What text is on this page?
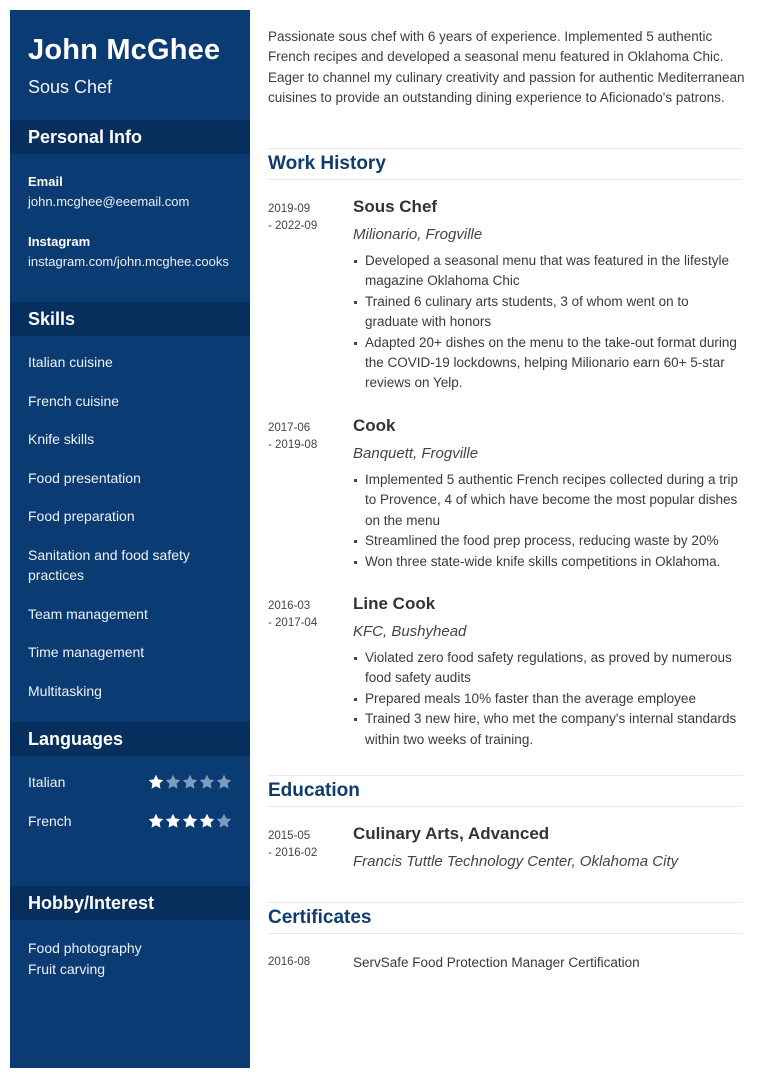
John McGhee
Sous Chef
Personal Info
Email
john.mcghee@eeemail.com
Instagram
instagram.com/john.mcghee.cooks
Skills
Italian cuisine
French cuisine
Knife skills
Food presentation
Food preparation
Sanitation and food safety practices
Team management
Time management
Multitasking
Languages
Italian
French
Hobby/Interest
Food photography
Fruit carving

Passionate sous chef with 6 years of experience. Implemented 5 authentic French recipes and developed a seasonal menu featured in Oklahoma Chic. Eager to channel my culinary creativity and passion for authentic Mediterranean cuisines to provide an outstanding dining experience to Aficionado's patrons.

Work History
2019-09
- 2022-09
Sous Chef
Milionario, Frogville
Developed a seasonal menu that was featured in the lifestyle magazine Oklahoma Chic
Trained 6 culinary arts students, 3 of whom went on to graduate with honors
Adapted 20+ dishes on the menu to the take-out format during the COVID-19 lockdowns, helping Milionario earn 60+ 5-star reviews on Yelp.
2017-06
- 2019-08
Cook
Banquett, Frogville
Implemented 5 authentic French recipes collected during a trip to Provence, 4 of which have become the most popular dishes on the menu
Streamlined the food prep process, reducing waste by 20%
Won three state-wide knife skills competitions in Oklahoma.
2016-03
- 2017-04
Line Cook
KFC, Bushyhead
Violated zero food safety regulations, as proved by numerous food safety audits
Prepared meals 10% faster than the average employee
Trained 3 new hire, who met the company's internal standards within two weeks of training.
Education
2015-05
- 2016-02
Culinary Arts, Advanced
Francis Tuttle Technology Center, Oklahoma City
Certificates
2016-08	ServSafe Food Protection Manager Certification
